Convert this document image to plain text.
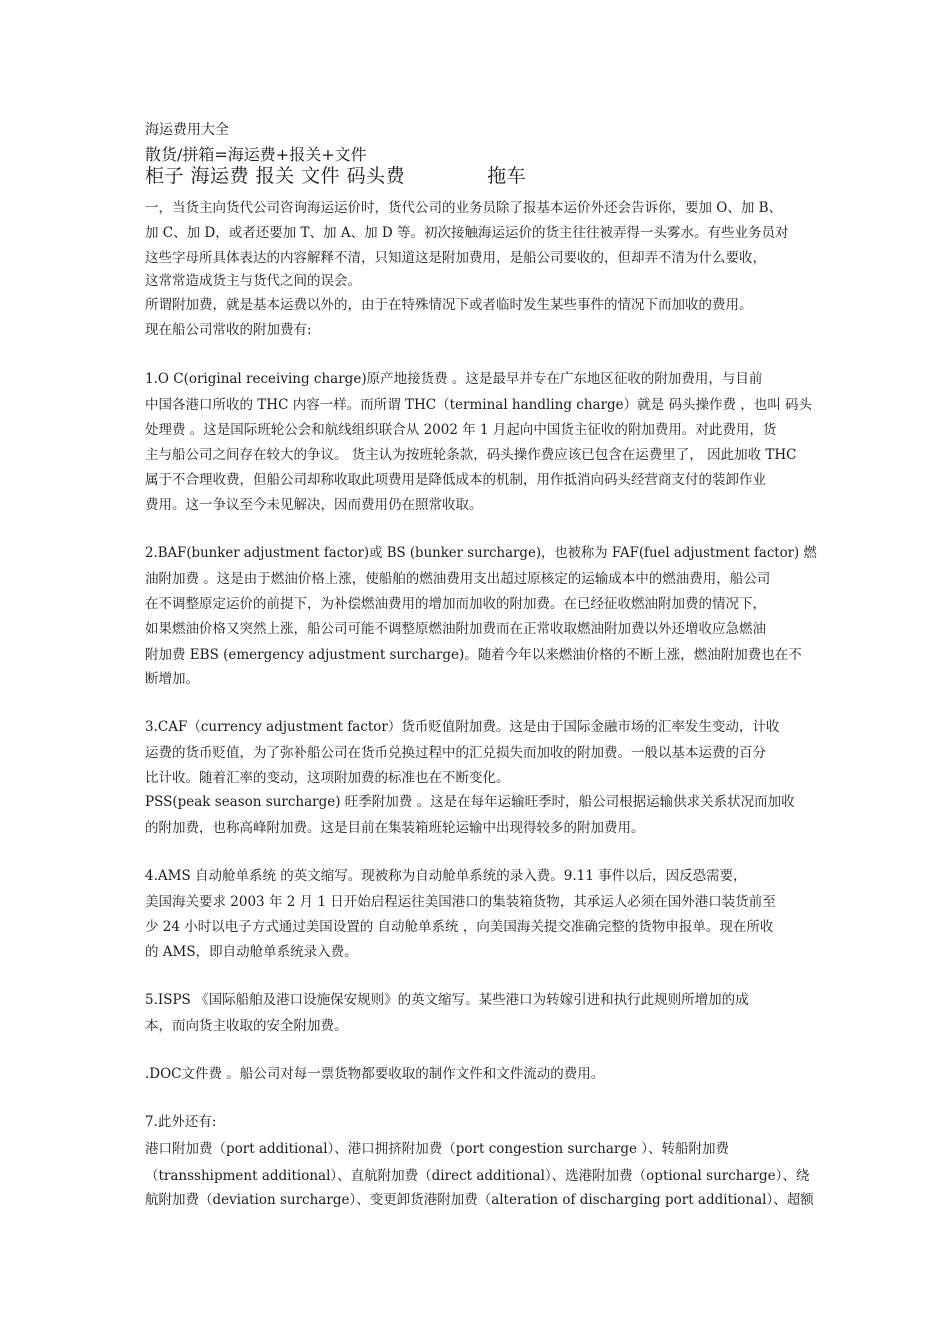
海运费用大全
散货/拼箱=海运费+报关+文件
柜子 海运费 报关 文件 码头费	拖车
一，当货主向货代公司咨询海运运价时，货代公司的业务员除了报基本运价外还会告诉你，要加 O、加 B、
加 C、加 D，或者还要加 T、加 A、加 D 等。初次接触海运运价的货主往往被弄得一头雾水。有些业务员对
这些字母所具体表达的内容解释不清，只知道这是附加费用，是船公司要收的，但却弄不清为什么要收，
这常常造成货主与货代之间的误会。
所谓附加费，就是基本运费以外的，由于在特殊情况下或者临时发生某些事件的情况下而加收的费用。
现在船公司常收的附加费有:
1.O C(original receiving charge)原产地接货费 。这是最早并专在广东地区征收的附加费用，与目前
中国各港口所收的 THC 内容一样。而所谓 THC（terminal handling charge）就是 码头操作费 ，也叫 码头
处理费 。这是国际班轮公会和航线组织联合从 2002 年 1 月起向中国货主征收的附加费用。对此费用，货
主与船公司之间存在较大的争议。 货主认为按班轮条款，码头操作费应该已包含在运费里了， 因此加收 THC
属于不合理收费，但船公司却称收取此项费用是降低成本的机制，用作抵消向码头经营商支付的装卸作业
费用。这一争议至今未见解决，因而费用仍在照常收取。
2.BAF(bunker adjustment factor)或 BS (bunker surcharge)，也被称为 FAF(fuel adjustment factor) 燃
油附加费 。这是由于燃油价格上涨，使船舶的燃油费用支出超过原核定的运输成本中的燃油费用，船公司
在不调整原定运价的前提下，为补偿燃油费用的增加而加收的附加费。在已经征收燃油附加费的情况下，
如果燃油价格又突然上涨，船公司可能不调整原燃油附加费而在正常收取燃油附加费以外还增收应急燃油
附加费 EBS (emergency adjustment surcharge)。随着今年以来燃油价格的不断上涨，燃油附加费也在不
断增加。
3.CAF（currency adjustment factor）货币贬值附加费。这是由于国际金融市场的汇率发生变动，计收
运费的货币贬值，为了弥补船公司在货币兑换过程中的汇兑损失而加收的附加费。一般以基本运费的百分
比计收。随着汇率的变动，这项附加费的标准也在不断变化。
PSS(peak season surcharge) 旺季附加费 。这是在每年运输旺季时，船公司根据运输供求关系状况而加收
的附加费，也称高峰附加费。这是目前在集装箱班轮运输中出现得较多的附加费用。
4.AMS 自动舱单系统 的英文缩写。现被称为自动舱单系统的录入费。9.11 事件以后，因反恐需要，
美国海关要求 2003 年 2 月 1 日开始启程运往美国港口的集装箱货物，其承运人必须在国外港口装货前至
少 24 小时以电子方式通过美国设置的 自动舱单系统 ，向美国海关提交准确完整的货物申报单。现在所收
的 AMS，即自动舱单系统录入费。
5.ISPS 《国际船舶及港口设施保安规则》的英文缩写。某些港口为转嫁引进和执行此规则所增加的成
本，而向货主收取的安全附加费。
.DOC文件费 。船公司对每一票货物都要收取的制作文件和文件流动的费用。
7.此外还有:
港口附加费（port additional）、港口拥挤附加费（port congestion surcharge ）、转船附加费
（transshipment additional）、直航附加费（direct additional）、选港附加费（optional surcharge）、绕
航附加费（deviation surcharge）、变更卸货港附加费（alteration of discharging port additional）、超额
